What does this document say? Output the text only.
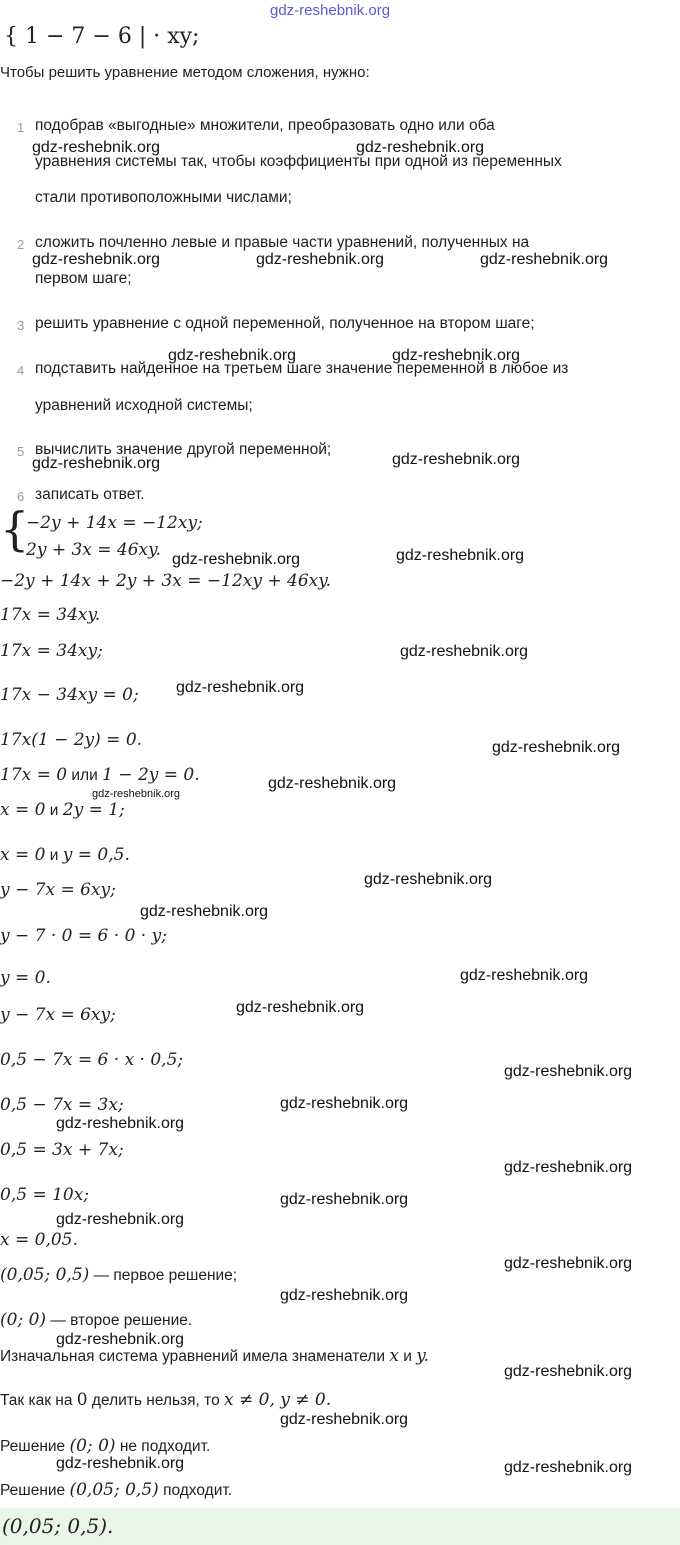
gdz-reshebnik.org
{ 1 − 7 − 6 | · xy;
Чтобы решить уравнение методом сложения, нужно:
1 подобрав «выгодные» множители, преобразовать одно или оба
уравнения системы так, чтобы коэффициенты при одной из переменных
стали противоположными числами;
2 сложить почленно левые и правые части уравнений, полученных на
первом шаге;
3 решить уравнение с одной переменной, полученное на втором шаге;
4 подставить найденное на третьем шаге значение переменной в любое из
уравнений исходной системы;
5 вычислить значение другой переменной;
6 записать ответ.
{
−2y + 14x = −12xy;
2y + 3x = 46xy.
−2y + 14x + 2y + 3x = −12xy + 46xy.
17x = 34xy.
17x = 34xy;
17x − 34xy = 0;
17x(1 − 2y) = 0.
17x = 0 или 1 − 2y = 0.
x = 0 и 2y = 1;
x = 0 и y = 0,5.
y − 7x = 6xy;
y − 7 · 0 = 6 · 0 · y;
y = 0.
y − 7x = 6xy;
0,5 − 7x = 6 · x · 0,5;
0,5 − 7x = 3x;
0,5 = 3x + 7x;
0,5 = 10x;
x = 0,05.
(0,05; 0,5) — первое решение;
(0; 0) — второе решение.
Изначальная система уравнений имела знаменатели x и y.
Так как на 0 делить нельзя, то x ≠ 0, y ≠ 0.
Решение (0; 0) не подходит.
Решение (0,05; 0,5) подходит.
(0,05; 0,5).
gdz-reshebnik.org	gdz-reshebnik.org
gdz-reshebnik.org	gdz-reshebnik.org	gdz-reshebnik.org
gdz-reshebnik.org	gdz-reshebnik.org
gdz-reshebnik.org
gdz-reshebnik.org
gdz-reshebnik.org
gdz-reshebnik.org
gdz-reshebnik.org
gdz-reshebnik.org
gdz-reshebnik.org
gdz-reshebnik.org
gdz-reshebnik.org
gdz-reshebnik.org
gdz-reshebnik.org
gdz-reshebnik.org
gdz-reshebnik.org
gdz-reshebnik.org
gdz-reshebnik.org
gdz-reshebnik.org
gdz-reshebnik.org
gdz-reshebnik.org
gdz-reshebnik.org
gdz-reshebnik.org
gdz-reshebnik.org
gdz-reshebnik.org
gdz-reshebnik.org
gdz-reshebnik.org
gdz-reshebnik.org	gdz-reshebnik.org
